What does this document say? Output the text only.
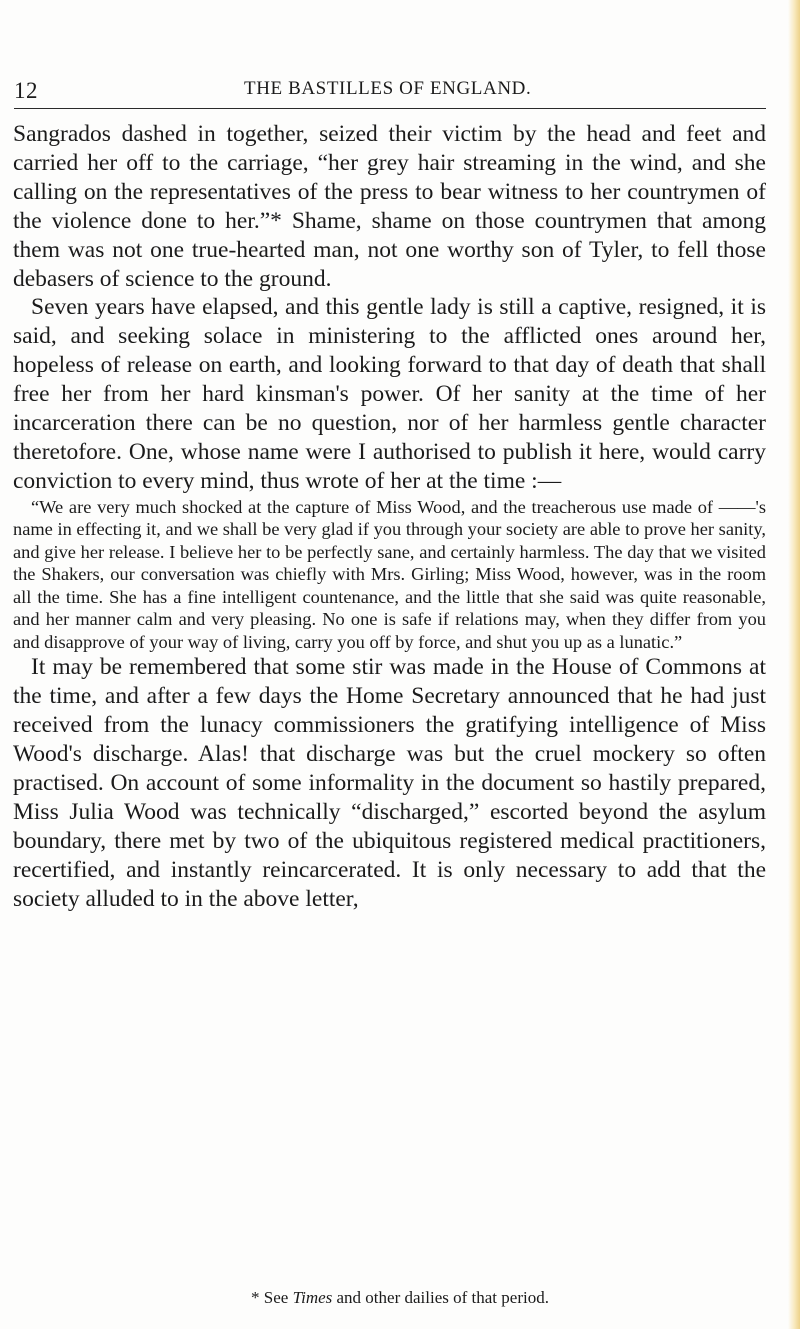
12	THE BASTILLES OF ENGLAND.

Sangrados dashed in together, seized their victim by the head and feet and carried her off to the carriage, “her grey hair streaming in the wind, and she calling on the representatives of the press to bear witness to her countrymen of the violence done to her.”* Shame, shame on those countrymen that among them was not one true-hearted man, not one worthy son of Tyler, to fell those debasers of science to the ground.

Seven years have elapsed, and this gentle lady is still a captive, resigned, it is said, and seeking solace in ministering to the afflicted ones around her, hopeless of release on earth, and looking forward to that day of death that shall free her from her hard kinsman's power. Of her sanity at the time of her incarceration there can be no question, nor of her harmless gentle character theretofore. One, whose name were I authorised to publish it here, would carry conviction to every mind, thus wrote of her at the time :—

“We are very much shocked at the capture of Miss Wood, and the treacherous use made of ——'s name in effecting it, and we shall be very glad if you through your society are able to prove her sanity, and give her release. I believe her to be perfectly sane, and certainly harmless. The day that we visited the Shakers, our conversation was chiefly with Mrs. Girling; Miss Wood, however, was in the room all the time. She has a fine intelligent countenance, and the little that she said was quite reasonable, and her manner calm and very pleasing. No one is safe if relations may, when they differ from you and disapprove of your way of living, carry you off by force, and shut you up as a lunatic.”

It may be remembered that some stir was made in the House of Commons at the time, and after a few days the Home Secretary announced that he had just received from the lunacy commissioners the gratifying intelligence of Miss Wood's discharge. Alas! that discharge was but the cruel mockery so often practised. On account of some informality in the document so hastily prepared, Miss Julia Wood was technically “discharged,” escorted beyond the asylum boundary, there met by two of the ubiquitous registered medical practitioners, recertified, and instantly reincarcerated. It is only necessary to add that the society alluded to in the above letter,

* See Times and other dailies of that period.
